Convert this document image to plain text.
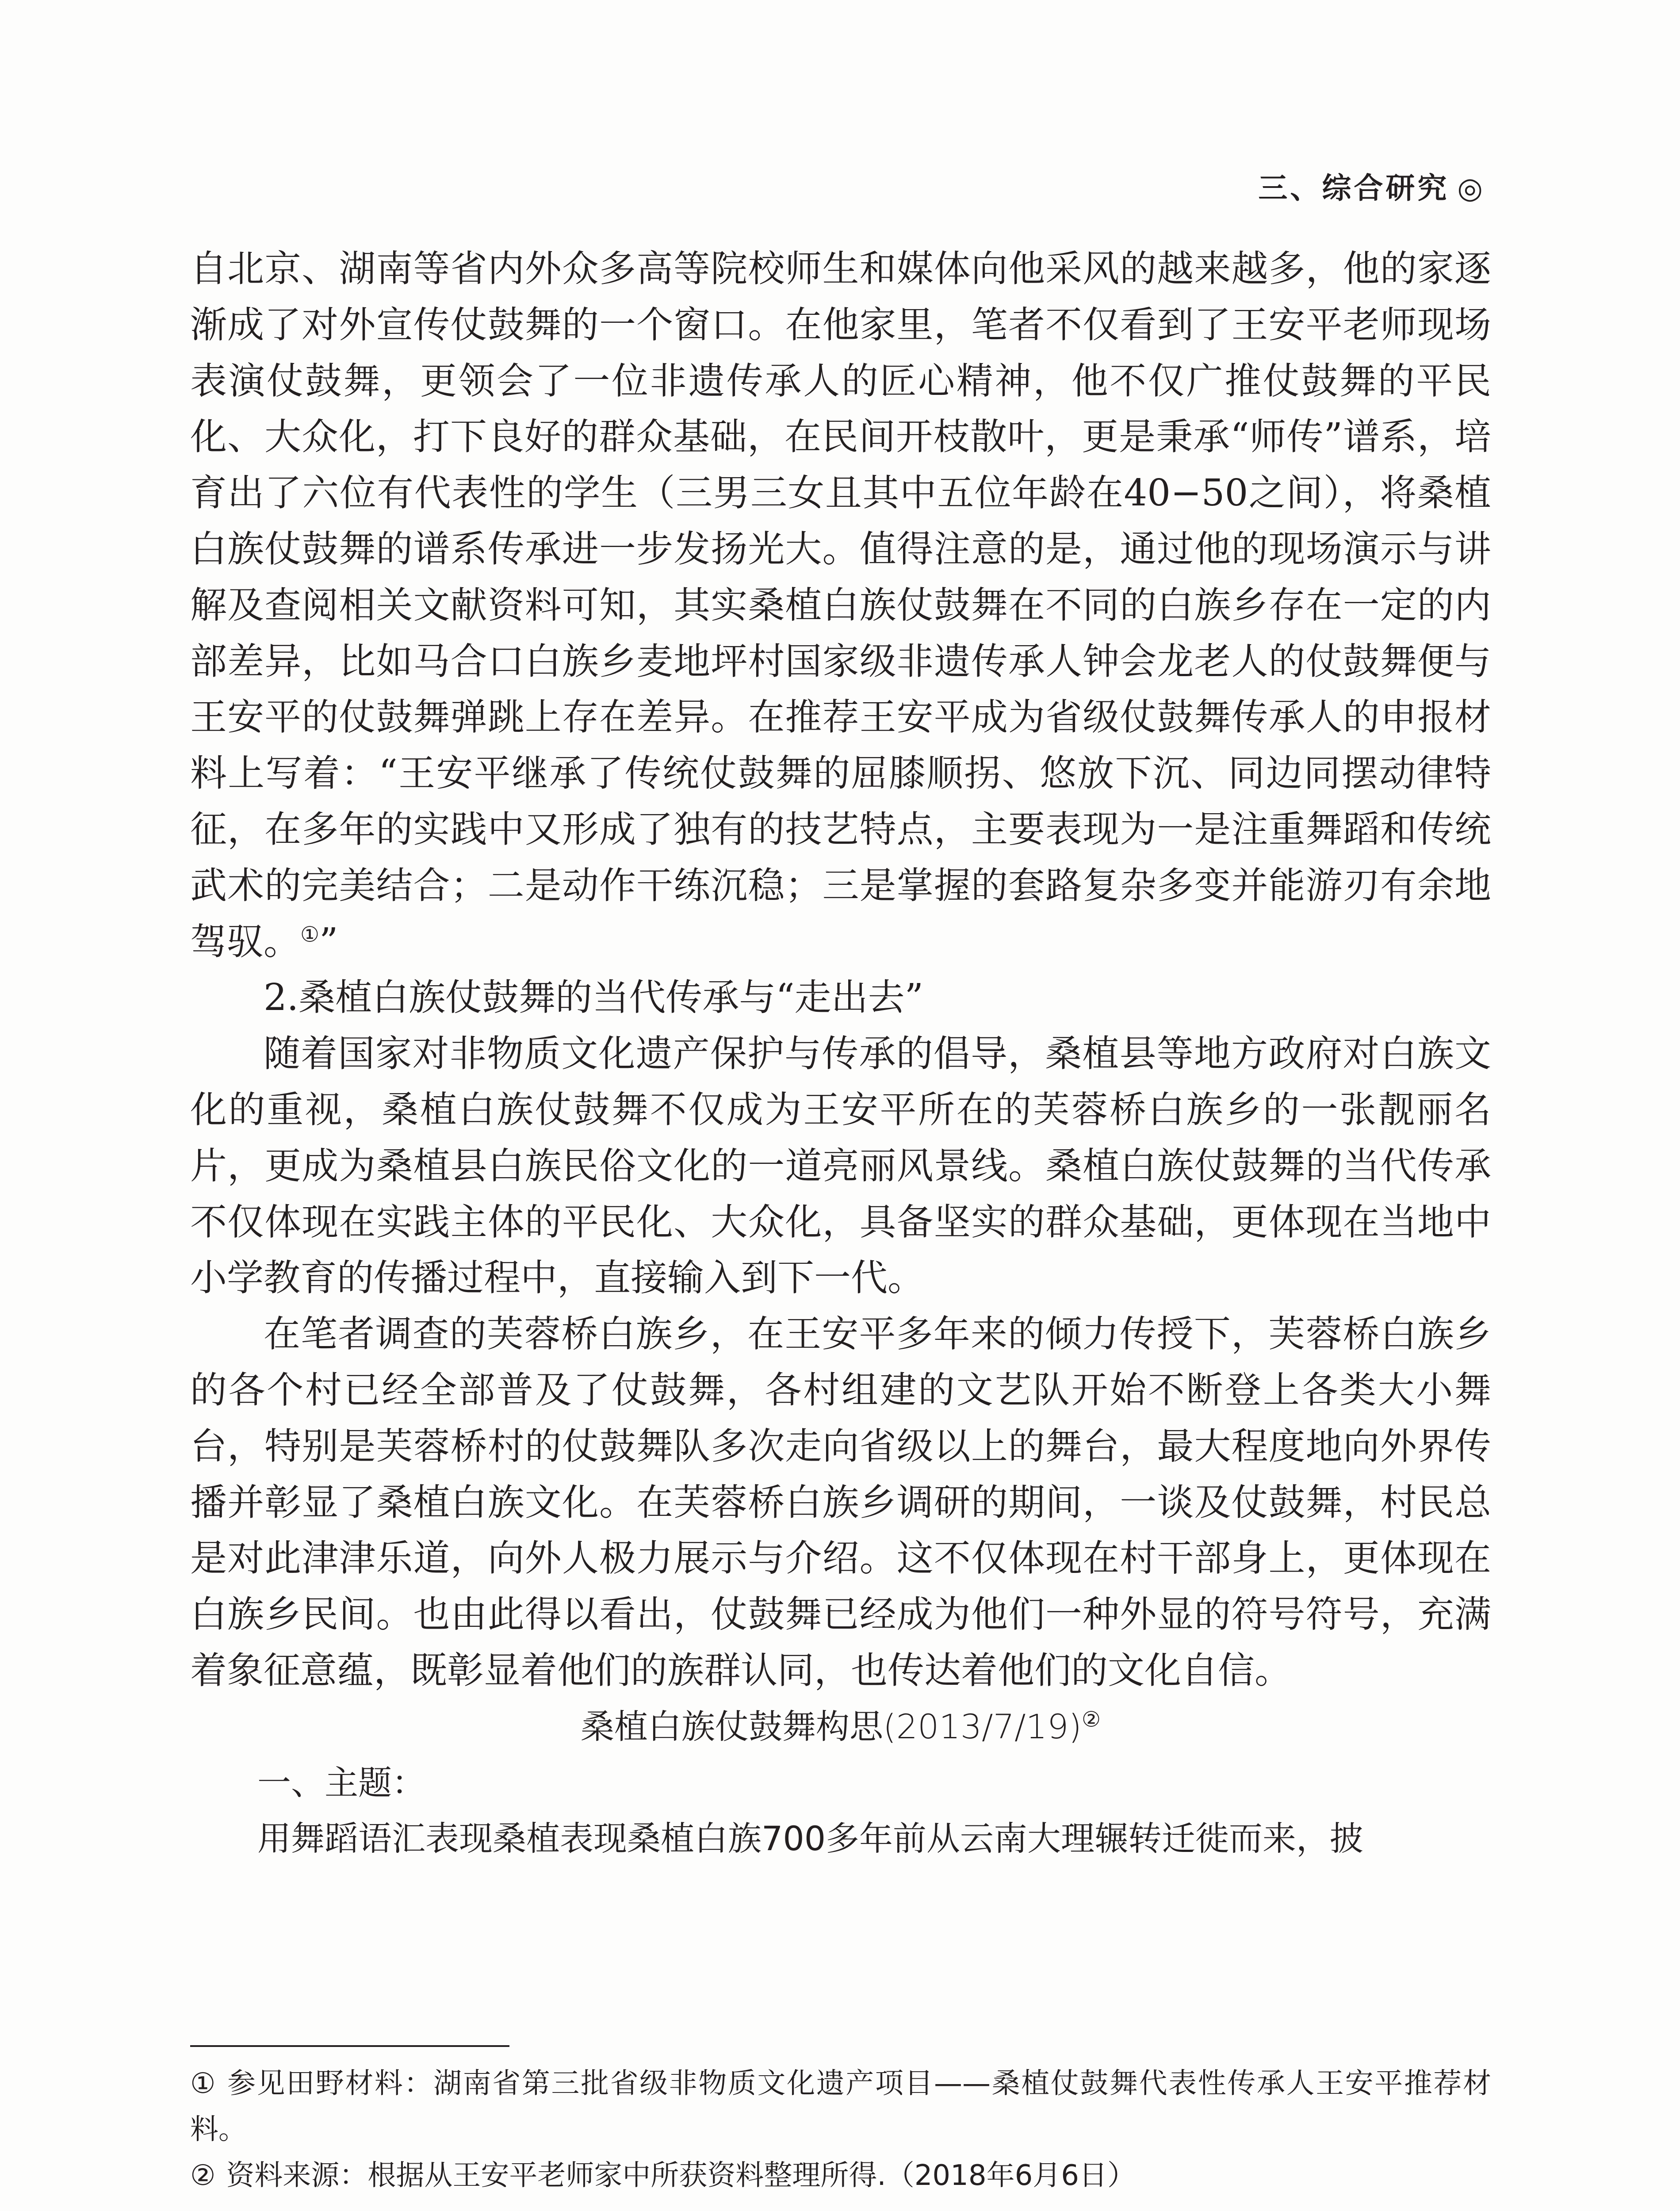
三、综合研究 ◎

自北京、湖南等省内外众多高等院校师生和媒体向他采风的越来越多，他的家逐渐成了对外宣传仗鼓舞的一个窗口。在他家里，笔者不仅看到了王安平老师现场表演仗鼓舞，更领会了一位非遗传承人的匠心精神，他不仅广推仗鼓舞的平民化、大众化，打下良好的群众基础，在民间开枝散叶，更是秉承“师传”谱系，培育出了六位有代表性的学生（三男三女且其中五位年龄在40−50之间），将桑植白族仗鼓舞的谱系传承进一步发扬光大。值得注意的是，通过他的现场演示与讲解及查阅相关文献资料可知，其实桑植白族仗鼓舞在不同的白族乡存在一定的内部差异，比如马合口白族乡麦地坪村国家级非遗传承人钟会龙老人的仗鼓舞便与王安平的仗鼓舞弹跳上存在差异。在推荐王安平成为省级仗鼓舞传承人的申报材料上写着：“王安平继承了传统仗鼓舞的屈膝顺拐、悠放下沉、同边同摆动律特征，在多年的实践中又形成了独有的技艺特点，主要表现为一是注重舞蹈和传统武术的完美结合；二是动作干练沉稳；三是掌握的套路复杂多变并能游刃有余地驾驭。①”

2.桑植白族仗鼓舞的当代传承与“走出去”

随着国家对非物质文化遗产保护与传承的倡导，桑植县等地方政府对白族文化的重视，桑植白族仗鼓舞不仅成为王安平所在的芙蓉桥白族乡的一张靓丽名片，更成为桑植县白族民俗文化的一道亮丽风景线。桑植白族仗鼓舞的当代传承不仅体现在实践主体的平民化、大众化，具备坚实的群众基础，更体现在当地中小学教育的传播过程中，直接输入到下一代。

在笔者调查的芙蓉桥白族乡，在王安平多年来的倾力传授下，芙蓉桥白族乡的各个村已经全部普及了仗鼓舞，各村组建的文艺队开始不断登上各类大小舞台，特别是芙蓉桥村的仗鼓舞队多次走向省级以上的舞台，最大程度地向外界传播并彰显了桑植白族文化。在芙蓉桥白族乡调研的期间，一谈及仗鼓舞，村民总是对此津津乐道，向外人极力展示与介绍。这不仅体现在村干部身上，更体现在白族乡民间。也由此得以看出，仗鼓舞已经成为他们一种外显的符号符号，充满着象征意蕴，既彰显着他们的族群认同，也传达着他们的文化自信。

桑植白族仗鼓舞构思(2013/7/19)②

一、主题：

用舞蹈语汇表现桑植表现桑植白族700多年前从云南大理辗转迁徙而来，披

① 参见田野材料：湖南省第三批省级非物质文化遗产项目——桑植仗鼓舞代表性传承人王安平推荐材料。

② 资料来源：根据从王安平老师家中所获资料整理所得.（2018年6月6日）
